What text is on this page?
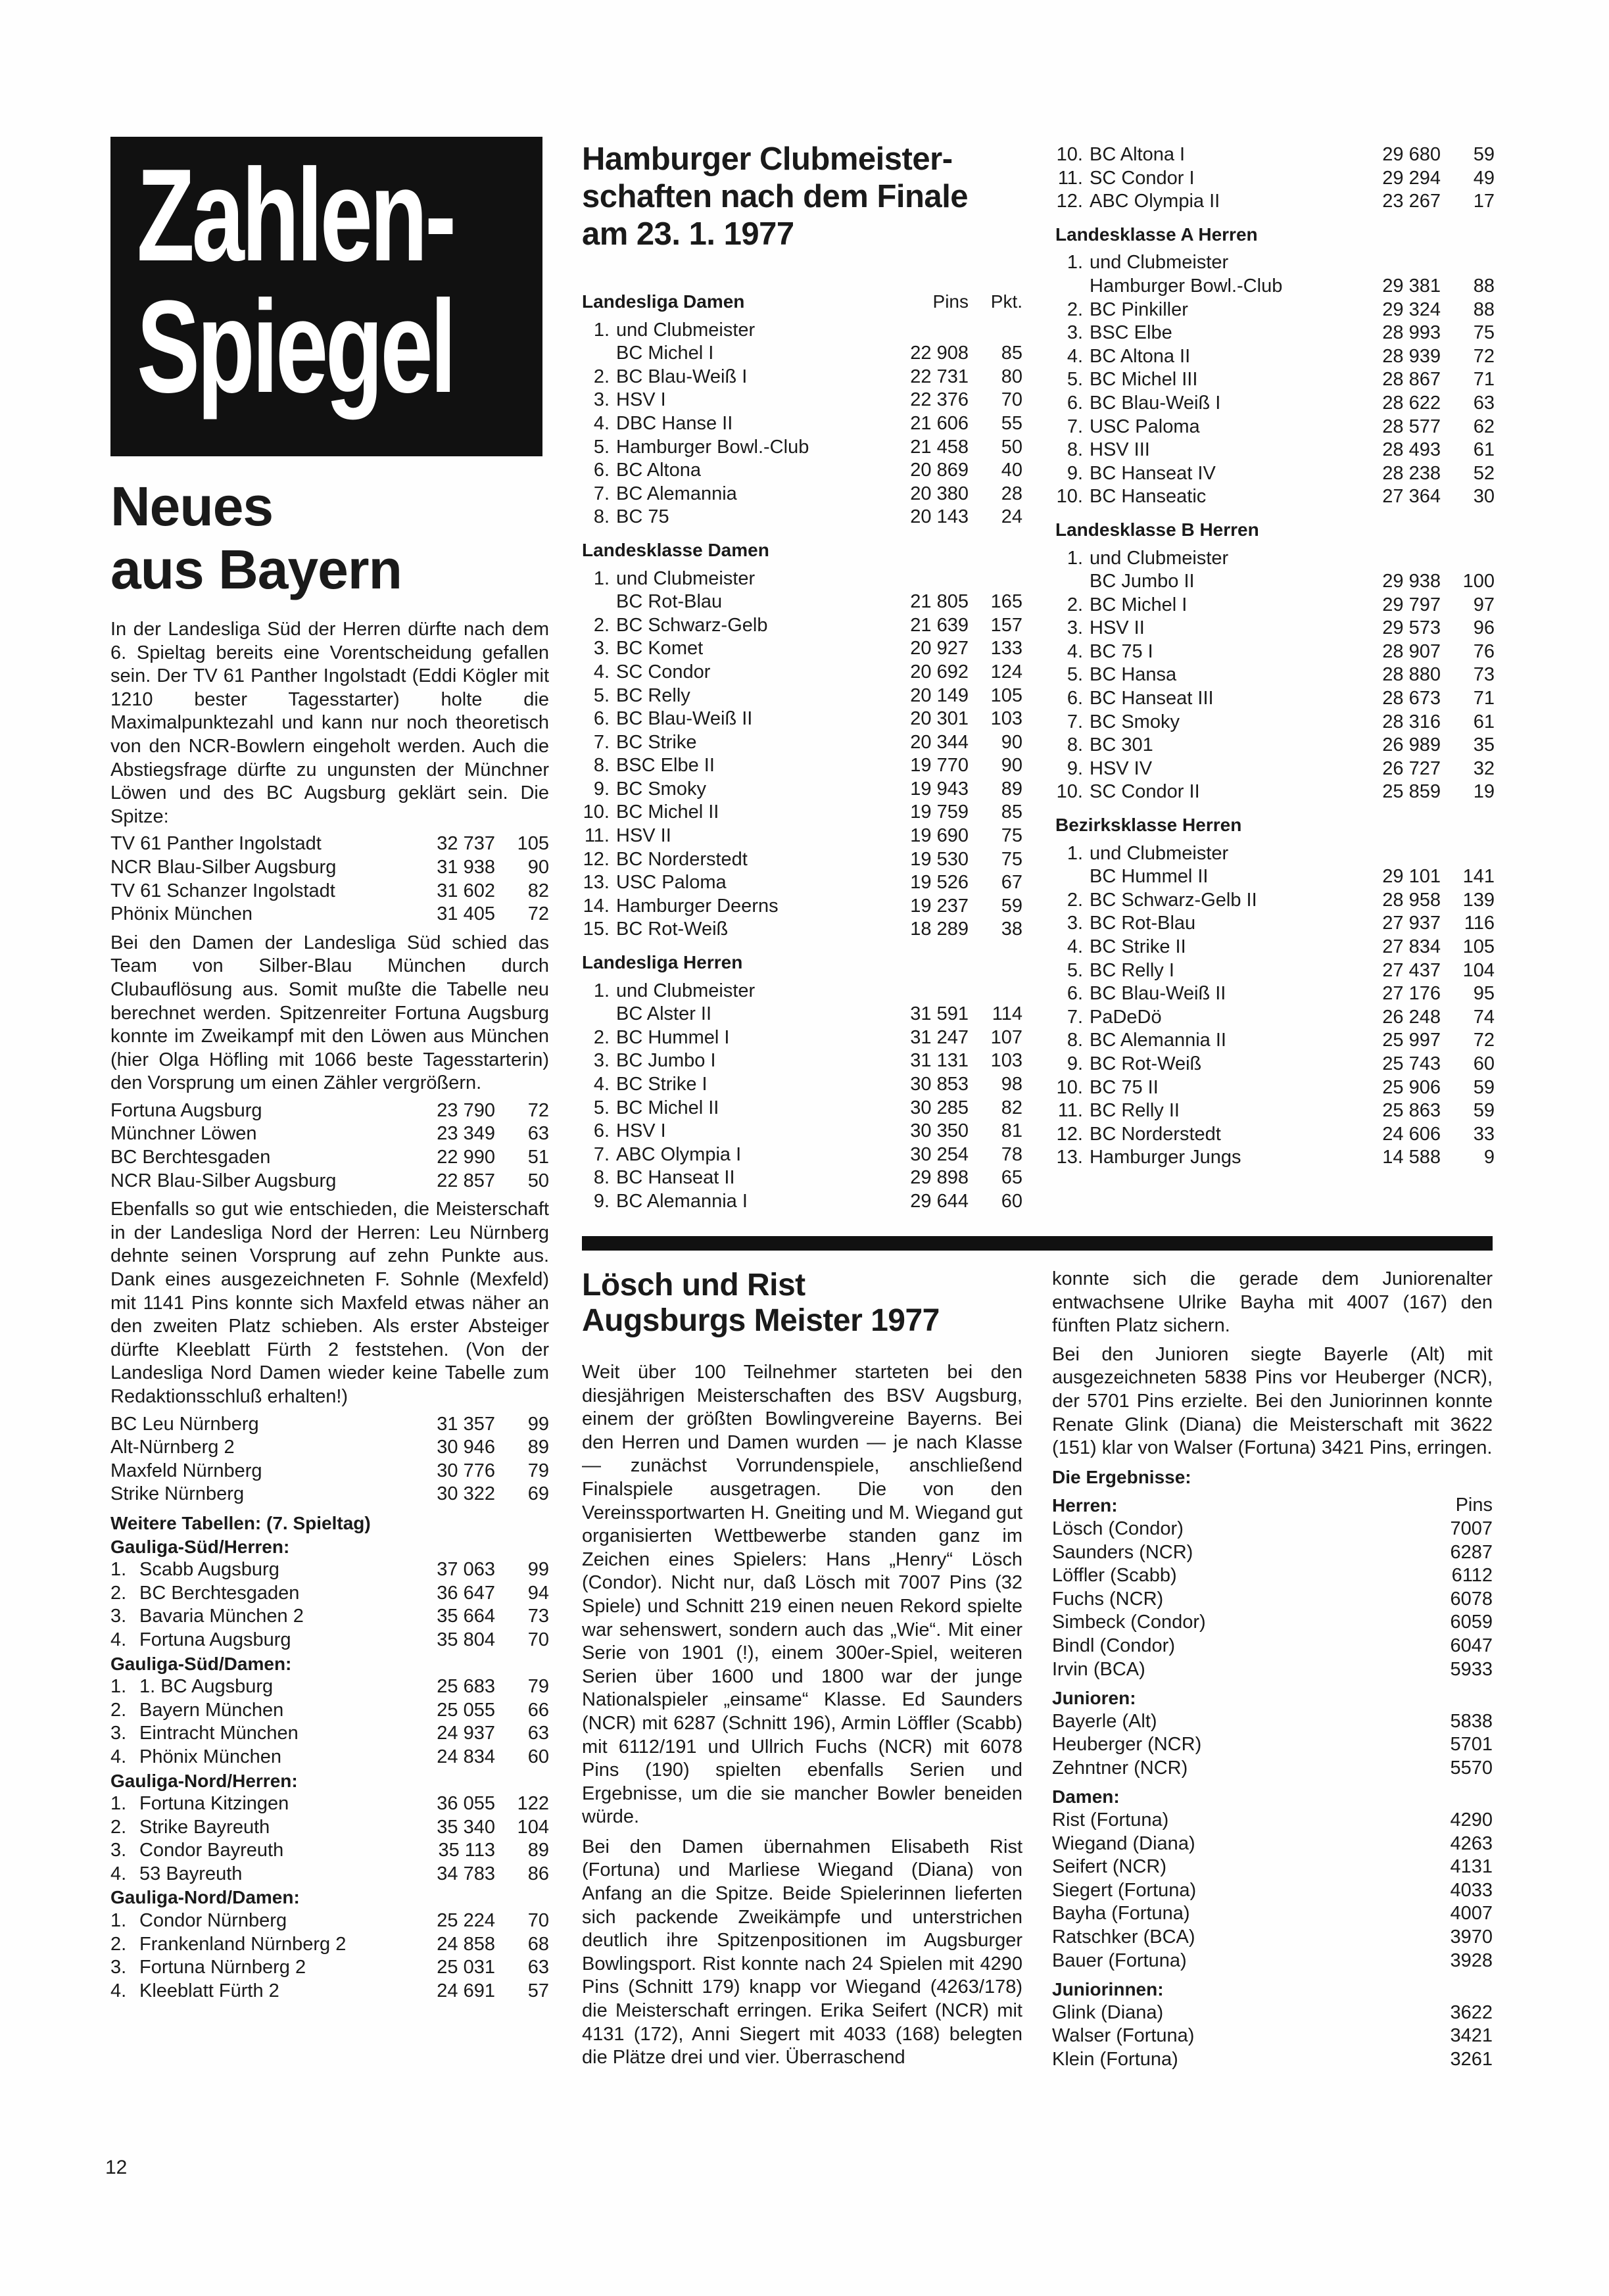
Zahlen-
Spiegel
Neues
aus Bayern

In der Landesliga Süd der Herren dürfte nach dem 6. Spieltag bereits eine Vorentscheidung gefallen sein. Der TV 61 Panther Ingolstadt (Eddi Kögler mit 1210 bester Tagesstarter) holte die Maximalpunktezahl und kann nur noch theoretisch von den NCR-Bowlern eingeholt werden. Auch die Abstiegsfrage dürfte zu ungunsten der Münchner Löwen und des BC Augsburg geklärt sein. Die Spitze:

TV 61 Panther Ingolstadt	32 737	105
NCR Blau-Silber Augsburg	31 938	90
TV 61 Schanzer Ingolstadt	31 602	82
Phönix München	31 405	72

Bei den Damen der Landesliga Süd schied das Team von Silber-Blau München durch Clubauflösung aus. Somit mußte die Tabelle neu berechnet werden. Spitzenreiter Fortuna Augsburg konnte im Zweikampf mit den Löwen aus München (hier Olga Höfling mit 1066 beste Tagesstarterin) den Vorsprung um einen Zähler vergrößern.

Fortuna Augsburg	23 790	72
Münchner Löwen	23 349	63
BC Berchtesgaden	22 990	51
NCR Blau-Silber Augsburg	22 857	50

Ebenfalls so gut wie entschieden, die Meisterschaft in der Landesliga Nord der Herren: Leu Nürnberg dehnte seinen Vorsprung auf zehn Punkte aus. Dank eines ausgezeichneten F. Sohnle (Mexfeld) mit 1141 Pins konnte sich Maxfeld etwas näher an den zweiten Platz schieben. Als erster Absteiger dürfte Kleeblatt Fürth 2 feststehen. (Von der Landesliga Nord Damen wieder keine Tabelle zum Redaktionsschluß erhalten!)

BC Leu Nürnberg	31 357	99
Alt-Nürnberg 2	30 946	89
Maxfeld Nürnberg	30 776	79
Strike Nürnberg	30 322	69
Weitere Tabellen: (7. Spieltag)
Gauliga-Süd/Herren:
1. Scabb Augsburg	37 063	99
2. BC Berchtesgaden	36 647	94
3. Bavaria München 2	35 664	73
4. Fortuna Augsburg	35 804	70
Gauliga-Süd/Damen:
1. 1. BC Augsburg	25 683	79
2. Bayern München	25 055	66
3. Eintracht München	24 937	63
4. Phönix München	24 834	60
Gauliga-Nord/Herren:
1. Fortuna Kitzingen	36 055	122
2. Strike Bayreuth	35 340	104
3. Condor Bayreuth	35 113	89
4. 53 Bayreuth	34 783	86
Gauliga-Nord/Damen:
1. Condor Nürnberg	25 224	70
2. Frankenland Nürnberg 2	24 858	68
3. Fortuna Nürnberg 2	25 031	63
4. Kleeblatt Fürth 2	24 691	57
Hamburger Clubmeister-
schaften nach dem Finale
am 23. 1. 1977
Landesliga Damen	Pins	Pkt.
1. und Clubmeister
BC Michel I	22 908	85
2. BC Blau-Weiß I	22 731	80
3. HSV I	22 376	70
4. DBC Hanse II	21 606	55
5. Hamburger Bowl.-Club	21 458	50
6. BC Altona	20 869	40
7. BC Alemannia	20 380	28
8. BC 75	20 143	24
Landesklasse Damen
1. und Clubmeister
BC Rot-Blau	21 805	165
2. BC Schwarz-Gelb	21 639	157
3. BC Komet	20 927	133
4. SC Condor	20 692	124
5. BC Relly	20 149	105
6. BC Blau-Weiß II	20 301	103
7. BC Strike	20 344	90
8. BSC Elbe II	19 770	90
9. BC Smoky	19 943	89
10. BC Michel II	19 759	85
11. HSV II	19 690	75
12. BC Norderstedt	19 530	75
13. USC Paloma	19 526	67
14. Hamburger Deerns	19 237	59
15. BC Rot-Weiß	18 289	38
Landesliga Herren
1. und Clubmeister
BC Alster II	31 591	114
2. BC Hummel I	31 247	107
3. BC Jumbo I	31 131	103
4. BC Strike I	30 853	98
5. BC Michel II	30 285	82
6. HSV I	30 350	81
7. ABC Olympia I	30 254	78
8. BC Hanseat II	29 898	65
9. BC Alemannia I	29 644	60
10. BC Altona I	29 680	59
11. SC Condor I	29 294	49
12. ABC Olympia II	23 267	17
Landesklasse A Herren
1. und Clubmeister
Hamburger Bowl.-Club	29 381	88
2. BC Pinkiller	29 324	88
3. BSC Elbe	28 993	75
4. BC Altona II	28 939	72
5. BC Michel III	28 867	71
6. BC Blau-Weiß I	28 622	63
7. USC Paloma	28 577	62
8. HSV III	28 493	61
9. BC Hanseat IV	28 238	52
10. BC Hanseatic	27 364	30
Landesklasse B Herren
1. und Clubmeister
BC Jumbo II	29 938	100
2. BC Michel I	29 797	97
3. HSV II	29 573	96
4. BC 75 I	28 907	76
5. BC Hansa	28 880	73
6. BC Hanseat III	28 673	71
7. BC Smoky	28 316	61
8. BC 301	26 989	35
9. HSV IV	26 727	32
10. SC Condor II	25 859	19
Bezirksklasse Herren
1. und Clubmeister
BC Hummel II	29 101	141
2. BC Schwarz-Gelb II	28 958	139
3. BC Rot-Blau	27 937	116
4. BC Strike II	27 834	105
5. BC Relly I	27 437	104
6. BC Blau-Weiß II	27 176	95
7. PaDeDö	26 248	74
8. BC Alemannia II	25 997	72
9. BC Rot-Weiß	25 743	60
10. BC 75 II	25 906	59
11. BC Relly II	25 863	59
12. BC Norderstedt	24 606	33
13. Hamburger Jungs	14 588	9
Lösch und Rist
Augsburgs Meister 1977

Weit über 100 Teilnehmer starteten bei den diesjährigen Meisterschaften des BSV Augsburg, einem der größten Bowlingvereine Bayerns. Bei den Herren und Damen wurden — je nach Klasse — zunächst Vorrundenspiele, anschließend Finalspiele ausgetragen. Die von den Vereinssportwarten H. Gneiting und M. Wiegand gut organisierten Wettbewerbe standen ganz im Zeichen eines Spielers: Hans „Henry“ Lösch (Condor). Nicht nur, daß Lösch mit 7007 Pins (32 Spiele) und Schnitt 219 einen neuen Rekord spielte war sehenswert, sondern auch das „Wie“. Mit einer Serie von 1901 (!), einem 300er-Spiel, weiteren Serien über 1600 und 1800 war der junge Nationalspieler „einsame“ Klasse. Ed Saunders (NCR) mit 6287 (Schnitt 196), Armin Löffler (Scabb) mit 6112/191 und Ullrich Fuchs (NCR) mit 6078 Pins (190) spielten ebenfalls Serien und Ergebnisse, um die sie mancher Bowler beneiden würde.

Bei den Damen übernahmen Elisabeth Rist (Fortuna) und Marliese Wiegand (Diana) von Anfang an die Spitze. Beide Spielerinnen lieferten sich packende Zweikämpfe und unterstrichen deutlich ihre Spitzenpositionen im Augsburger Bowlingsport. Rist konnte nach 24 Spielen mit 4290 Pins (Schnitt 179) knapp vor Wiegand (4263/178) die Meisterschaft erringen. Erika Seifert (NCR) mit 4131 (172), Anni Siegert mit 4033 (168) belegten die Plätze drei und vier. Überraschend

konnte sich die gerade dem Juniorenalter entwachsene Ulrike Bayha mit 4007 (167) den fünften Platz sichern.

Bei den Junioren siegte Bayerle (Alt) mit ausgezeichneten 5838 Pins vor Heuberger (NCR), der 5701 Pins erzielte. Bei den Juniorinnen konnte Renate Glink (Diana) die Meisterschaft mit 3622 (151) klar von Walser (Fortuna) 3421 Pins, erringen.

Die Ergebnisse:
Herren:	Pins
Lösch (Condor)	7007
Saunders (NCR)	6287
Löffler (Scabb)	6112
Fuchs (NCR)	6078
Simbeck (Condor)	6059
Bindl (Condor)	6047
Irvin (BCA)	5933
Junioren:
Bayerle (Alt)	5838
Heuberger (NCR)	5701
Zehntner (NCR)	5570
Damen:
Rist (Fortuna)	4290
Wiegand (Diana)	4263
Seifert (NCR)	4131
Siegert (Fortuna)	4033
Bayha (Fortuna)	4007
Ratschker (BCA)	3970
Bauer (Fortuna)	3928
Juniorinnen:
Glink (Diana)	3622
Walser (Fortuna)	3421
Klein (Fortuna)	3261
12
